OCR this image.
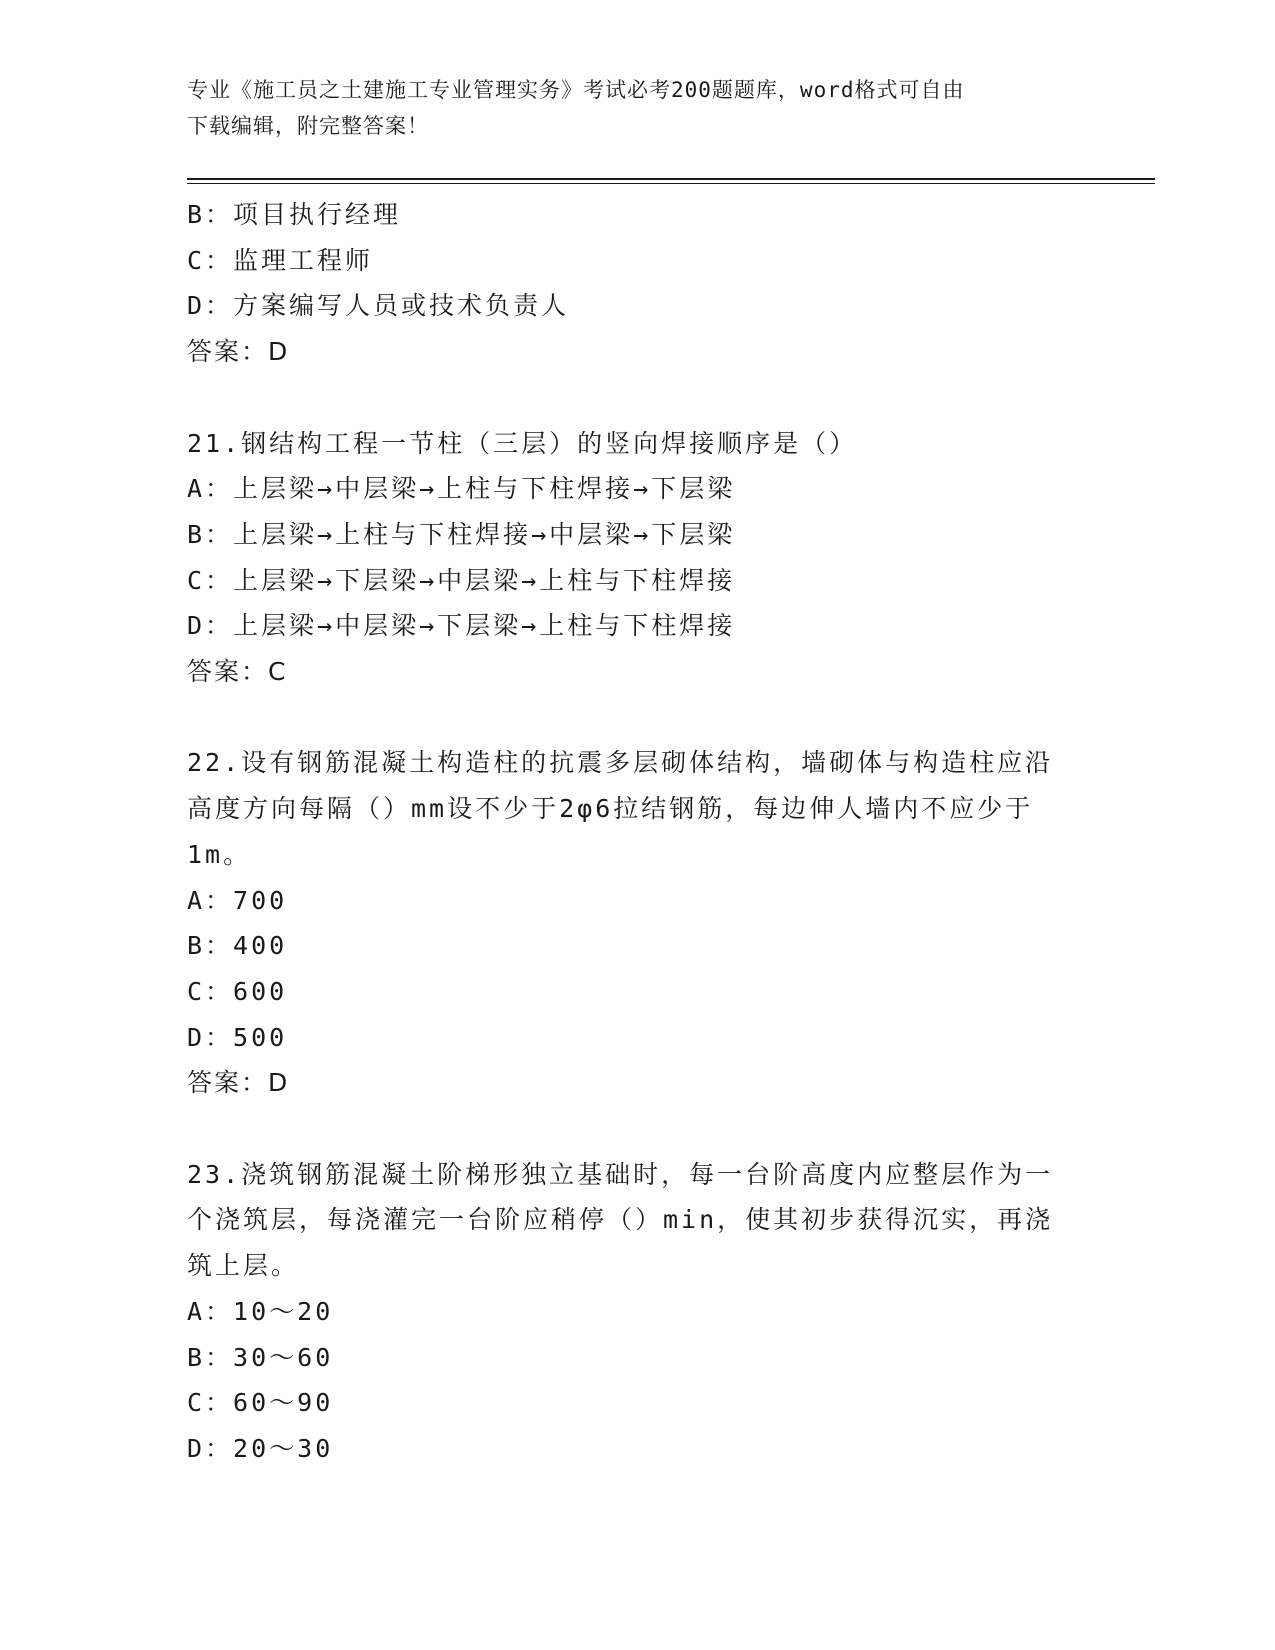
专业《施工员之土建施工专业管理实务》考试必考200题题库，word格式可自由
下载编辑，附完整答案！
B：项目执行经理
C：监理工程师
D：方案编写人员或技术负责人
答案：D
21.钢结构工程一节柱（三层）的竖向焊接顺序是（）
A：上层梁→中层梁→上柱与下柱焊接→下层梁
B：上层梁→上柱与下柱焊接→中层梁→下层梁
C：上层梁→下层梁→中层梁→上柱与下柱焊接
D：上层梁→中层梁→下层梁→上柱与下柱焊接
答案：C
22.设有钢筋混凝土构造柱的抗震多层砌体结构，墙砌体与构造柱应沿
高度方向每隔（）mm设不少于2φ6拉结钢筋，每边伸人墙内不应少于
1m。
A：700
B：400
C：600
D：500
答案：D
23.浇筑钢筋混凝土阶梯形独立基础时，每一台阶高度内应整层作为一
个浇筑层，每浇灌完一台阶应稍停（）min，使其初步获得沉实，再浇
筑上层。
A：10～20
B：30～60
C：60～90
D：20～30
